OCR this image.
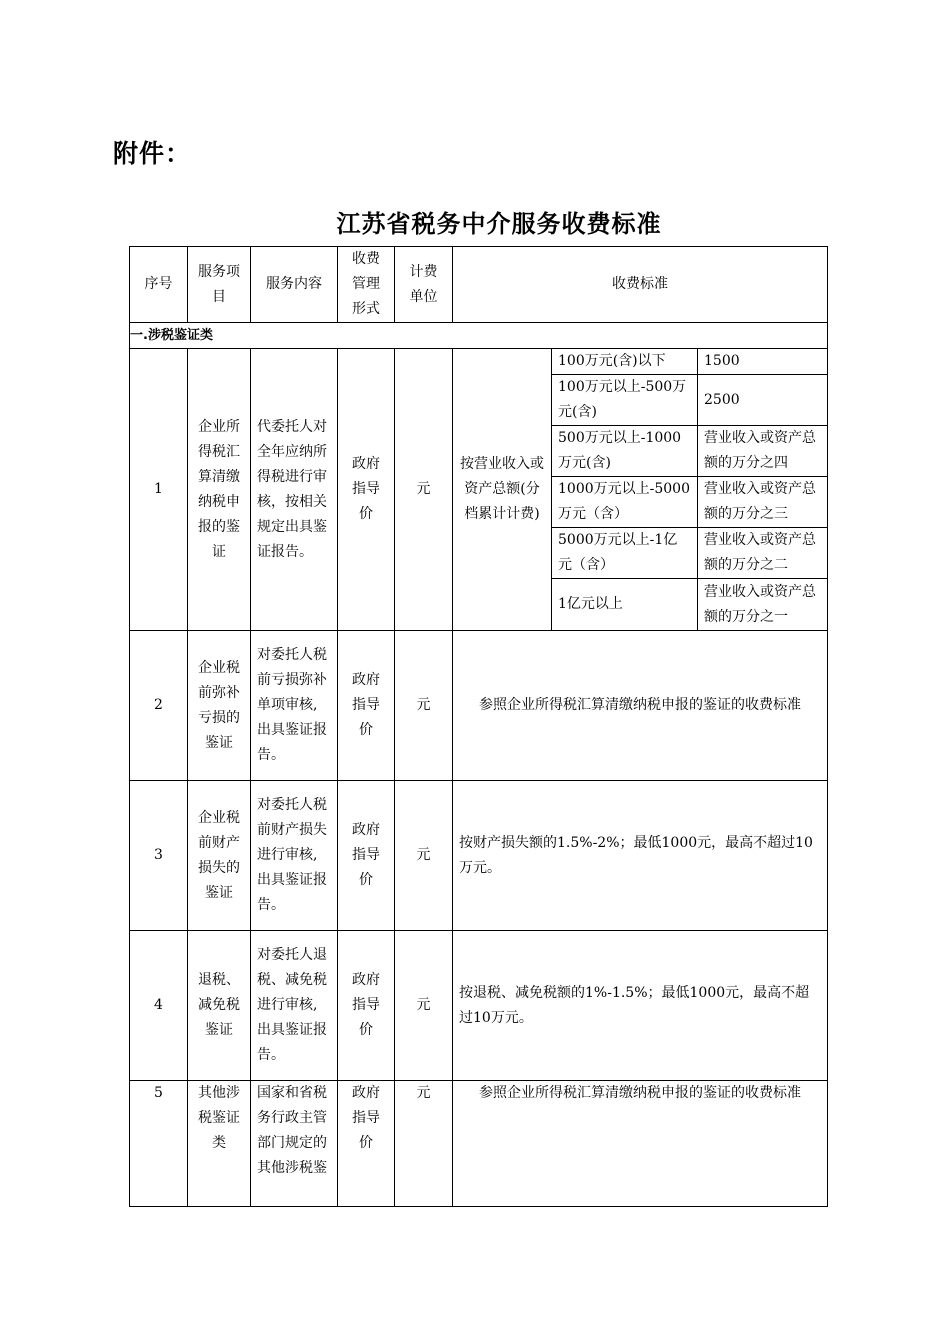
附件：
江苏省税务中介服务收费标准
序号	服务项目	服务内容	收费管理形式	计费单位	收费标准		
一.涉税鉴证类							
1	企业所得税汇算清缴纳税申报的鉴证	代委托人对全年应纳所得税进行审核，按相关规定出具鉴证报告。	政府指导价	元	按营业收入或资产总额(分档累计计费)	100万元(含)以下	1500
						100万元以上-500万元(含)	2500
						500万元以上-1000万元(含)	营业收入或资产总额的万分之四
						1000万元以上-5000万元（含）	营业收入或资产总额的万分之三
						5000万元以上-1亿元（含）	营业收入或资产总额的万分之二
						1亿元以上	营业收入或资产总额的万分之一
2	企业税前弥补亏损的鉴证	对委托人税前亏损弥补单项审核,出具鉴证报告。	政府指导价	元	参照企业所得税汇算清缴纳税申报的鉴证的收费标准		
3	企业税前财产损失的鉴证	对委托人税前财产损失进行审核,出具鉴证报告。	政府指导价	元	按财产损失额的1.5%-2%；最低1000元，最高不超过10万元。		
4	退税、减免税鉴证	对委托人退税、减免税进行审核,出具鉴证报告。	政府指导价	元	按退税、减免税额的1%-1.5%；最低1000元，最高不超过10万元。		
5	其他涉税鉴证类	国家和省税务行政主管部门规定的其他涉税鉴	政府指导价	元	参照企业所得税汇算清缴纳税申报的鉴证的收费标准		
